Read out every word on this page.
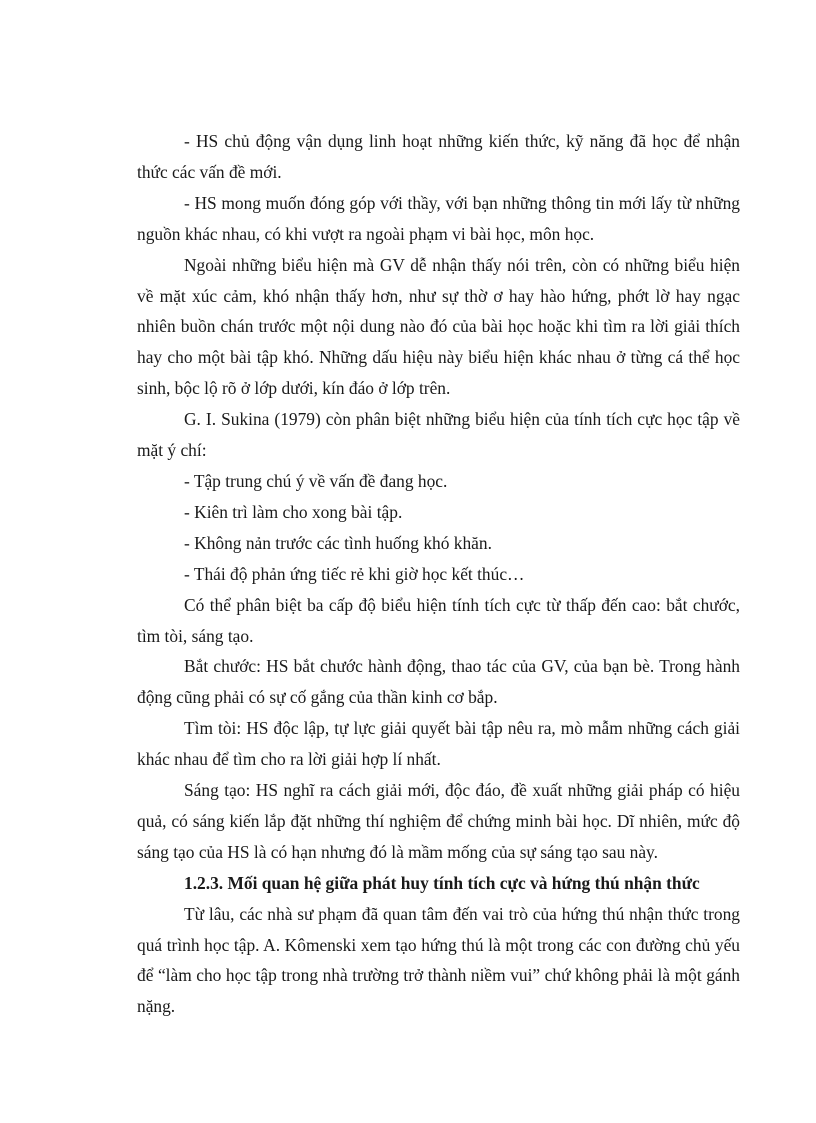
- HS chủ động vận dụng linh hoạt những kiến thức, kỹ năng đã học để nhận thức các vấn đề mới.

- HS mong muốn đóng góp với thầy, với bạn những thông tin mới lấy từ những nguồn khác nhau, có khi vượt ra ngoài phạm vi bài học, môn học.

Ngoài những biểu hiện mà GV dễ nhận thấy nói trên, còn có những biểu hiện về mặt xúc cảm, khó nhận thấy hơn, như sự thờ ơ hay hào hứng, phớt lờ hay ngạc nhiên buồn chán trước một nội dung nào đó của bài học hoặc khi tìm ra lời giải thích hay cho một bài tập khó. Những dấu hiệu này biểu hiện khác nhau ở từng cá thể học sinh, bộc lộ rõ ở lớp dưới, kín đáo ở lớp trên.

G. I. Sukina (1979) còn phân biệt những biểu hiện của tính tích cực học tập về mặt ý chí:

- Tập trung chú ý về vấn đề đang học.

- Kiên trì làm cho xong bài tập.

- Không nản trước các tình huống khó khăn.

- Thái độ phản ứng tiếc rẻ khi giờ học kết thúc…

Có thể phân biệt ba cấp độ biểu hiện tính tích cực từ thấp đến cao: bắt chước, tìm tòi, sáng tạo.

Bắt chước: HS bắt chước hành động, thao tác của GV, của bạn bè. Trong hành động cũng phải có sự cố gắng của thần kinh cơ bắp.

Tìm tòi: HS độc lập, tự lực giải quyết bài tập nêu ra, mò mẫm những cách giải khác nhau để tìm cho ra lời giải hợp lí nhất.

Sáng tạo: HS nghĩ ra cách giải mới, độc đáo, đề xuất những giải pháp có hiệu quả, có sáng kiến lắp đặt những thí nghiệm để chứng minh bài học. Dĩ nhiên, mức độ sáng tạo của HS là có hạn nhưng đó là mầm mống của sự sáng tạo sau này.

1.2.3. Mối quan hệ giữa phát huy tính tích cực và hứng thú nhận thức

Từ lâu, các nhà sư phạm đã quan tâm đến vai trò của hứng thú nhận thức trong quá trình học tập. A. Kômenski xem tạo hứng thú là một trong các con đường chủ yếu để “làm cho học tập trong nhà trường trở thành niềm vui” chứ không phải là một gánh nặng.
